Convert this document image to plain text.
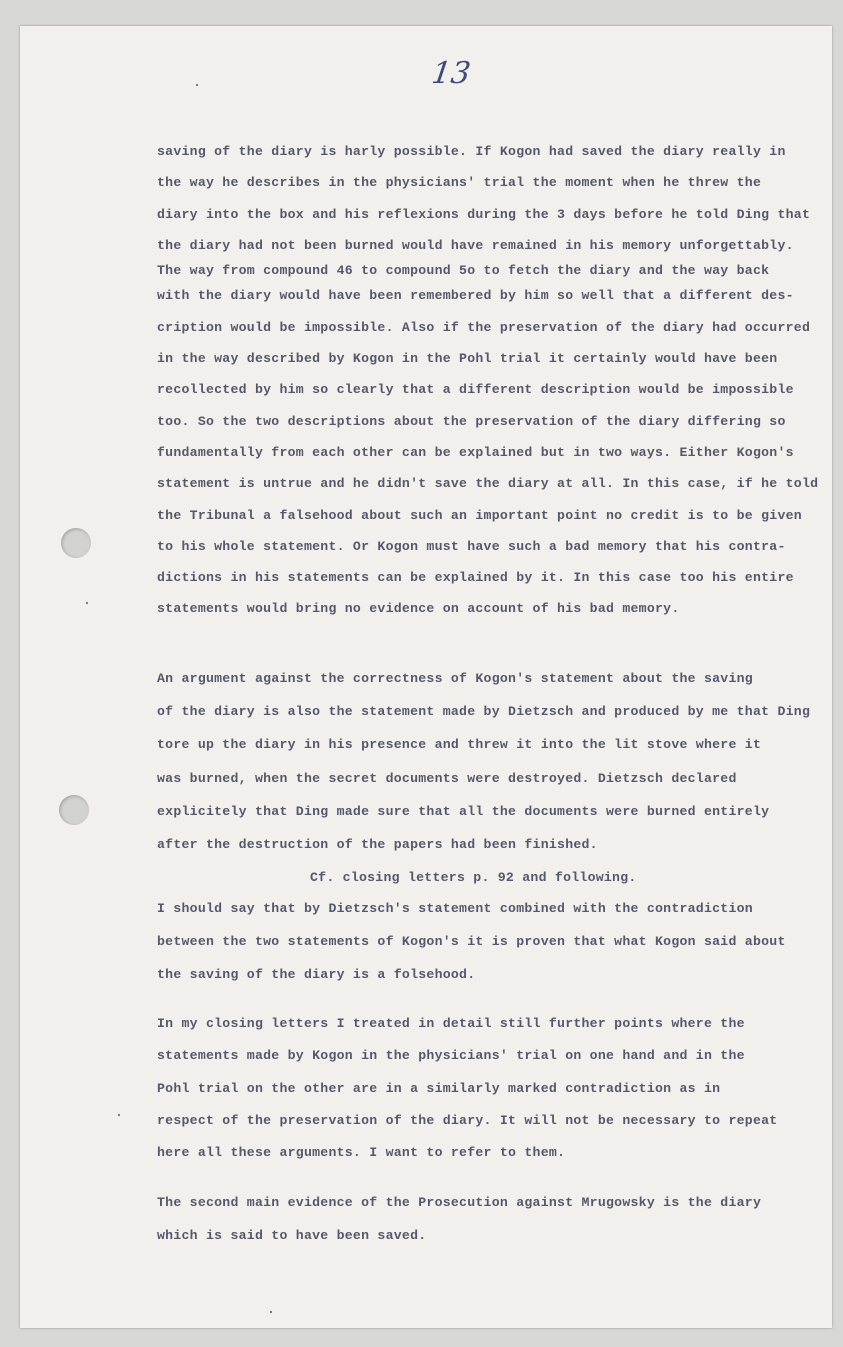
13
saving of the diary is harly possible. If Kogon had saved the diary really in
the way he describes in the physicians' trial the moment when he threw the
diary into the box and his reflexions during the 3 days before he told Ding that
the diary had not been burned would have remained in his memory unforgettably.
The way from compound 46 to compound 5o to fetch the diary and the way back
with the diary would have been remembered by him so well that a different des-
cription would be impossible. Also if the preservation of the diary had occurred
in the way described by Kogon in the Pohl trial it certainly would have been
recollected by him so clearly that a different description would be impossible
too. So the two descriptions about the preservation of the diary differing so
fundamentally from each other can be explained but in two ways. Either Kogon's
statement is untrue and he didn't save the diary at all. In this case, if he told
the Tribunal a falsehood about such an important point no credit is to be given
to his whole statement. Or Kogon must have such a bad memory that his contra-
dictions in his statements can be explained by it. In this case too his entire
statements would bring no evidence on account of his bad memory.
An argument against the correctness of Kogon's statement about the saving
of the diary is also the statement made by Dietzsch and produced by me that Ding
tore up the diary in his presence and threw it into the lit stove where it
was burned, when the secret documents were destroyed. Dietzsch declared
explicitely that Ding made sure that all the documents were burned entirely
after the destruction of the papers had been finished.
Cf. closing letters p. 92 and following.
I should say that by Dietzsch's statement combined with the contradiction
between the two statements of Kogon's it is proven that what Kogon said about
the saving of the diary is a folsehood.
In my closing letters I treated in detail still further points where the
statements made by Kogon in the physicians' trial on one hand and in the
Pohl trial on the other are in a similarly marked contradiction as in
respect of the preservation of the diary. It will not be necessary to repeat
here all these arguments. I want to refer to them.
The second main evidence of the Prosecution against Mrugowsky is the diary
which is said to have been saved.
